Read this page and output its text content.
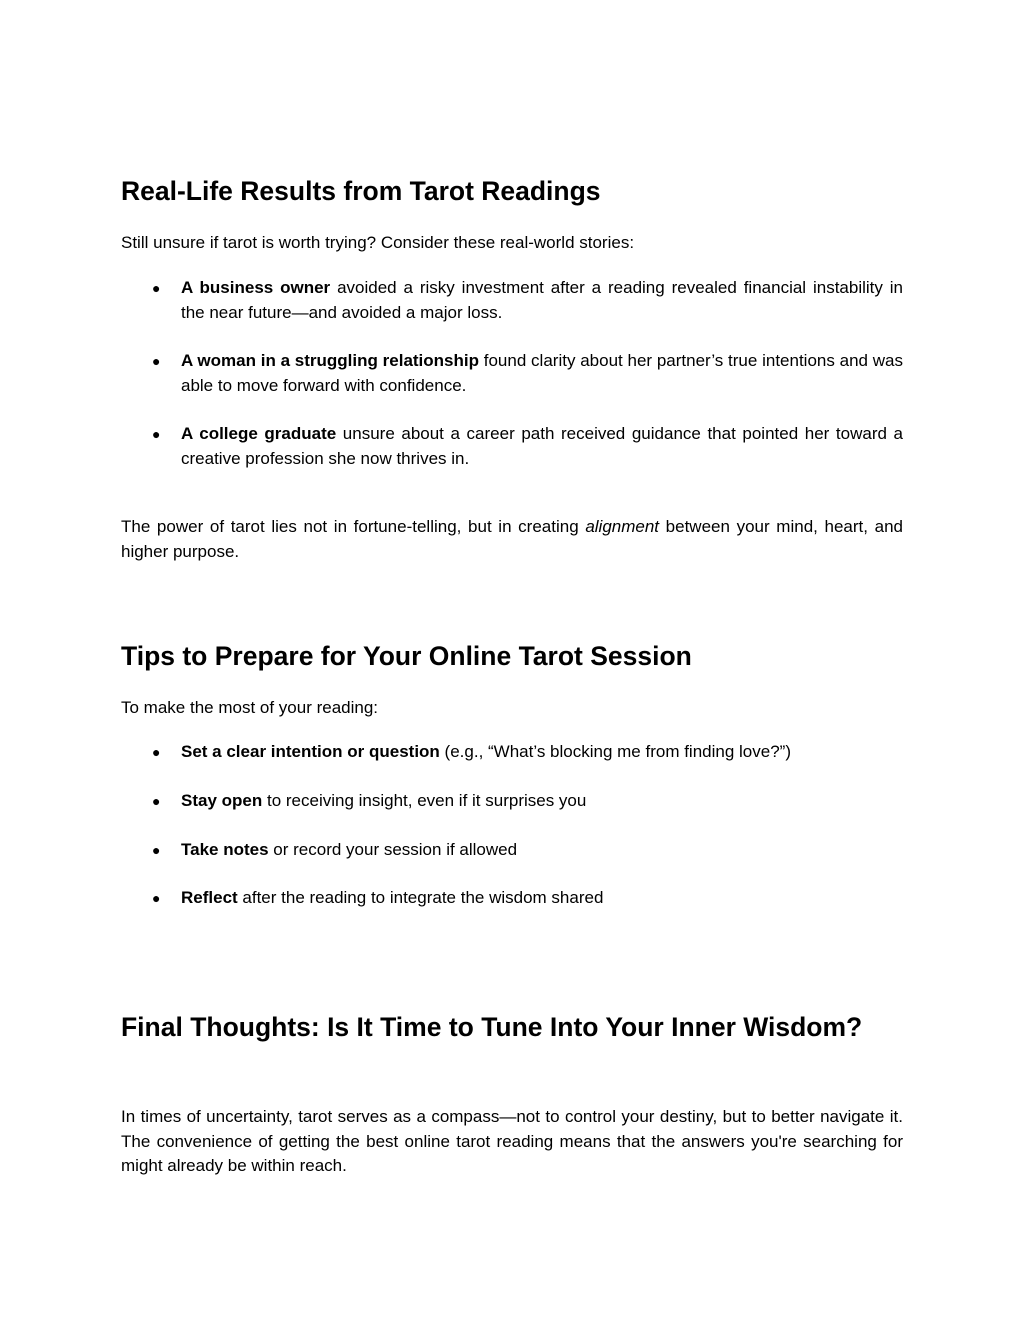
Real-Life Results from Tarot Readings

Still unsure if tarot is worth trying? Consider these real-world stories:

● A business owner avoided a risky investment after a reading revealed financial instability in the near future—and avoided a major loss.
● A woman in a struggling relationship found clarity about her partner’s true intentions and was able to move forward with confidence.
● A college graduate unsure about a career path received guidance that pointed her toward a creative profession she now thrives in.

The power of tarot lies not in fortune-telling, but in creating alignment between your mind, heart, and higher purpose.

Tips to Prepare for Your Online Tarot Session

To make the most of your reading:

● Set a clear intention or question (e.g., “What’s blocking me from finding love?”)
● Stay open to receiving insight, even if it surprises you
● Take notes or record your session if allowed
● Reflect after the reading to integrate the wisdom shared
Final Thoughts: Is It Time to Tune Into Your Inner Wisdom?

In times of uncertainty, tarot serves as a compass—not to control your destiny, but to better navigate it. The convenience of getting the best online tarot reading means that the answers you're searching for might already be within reach.
